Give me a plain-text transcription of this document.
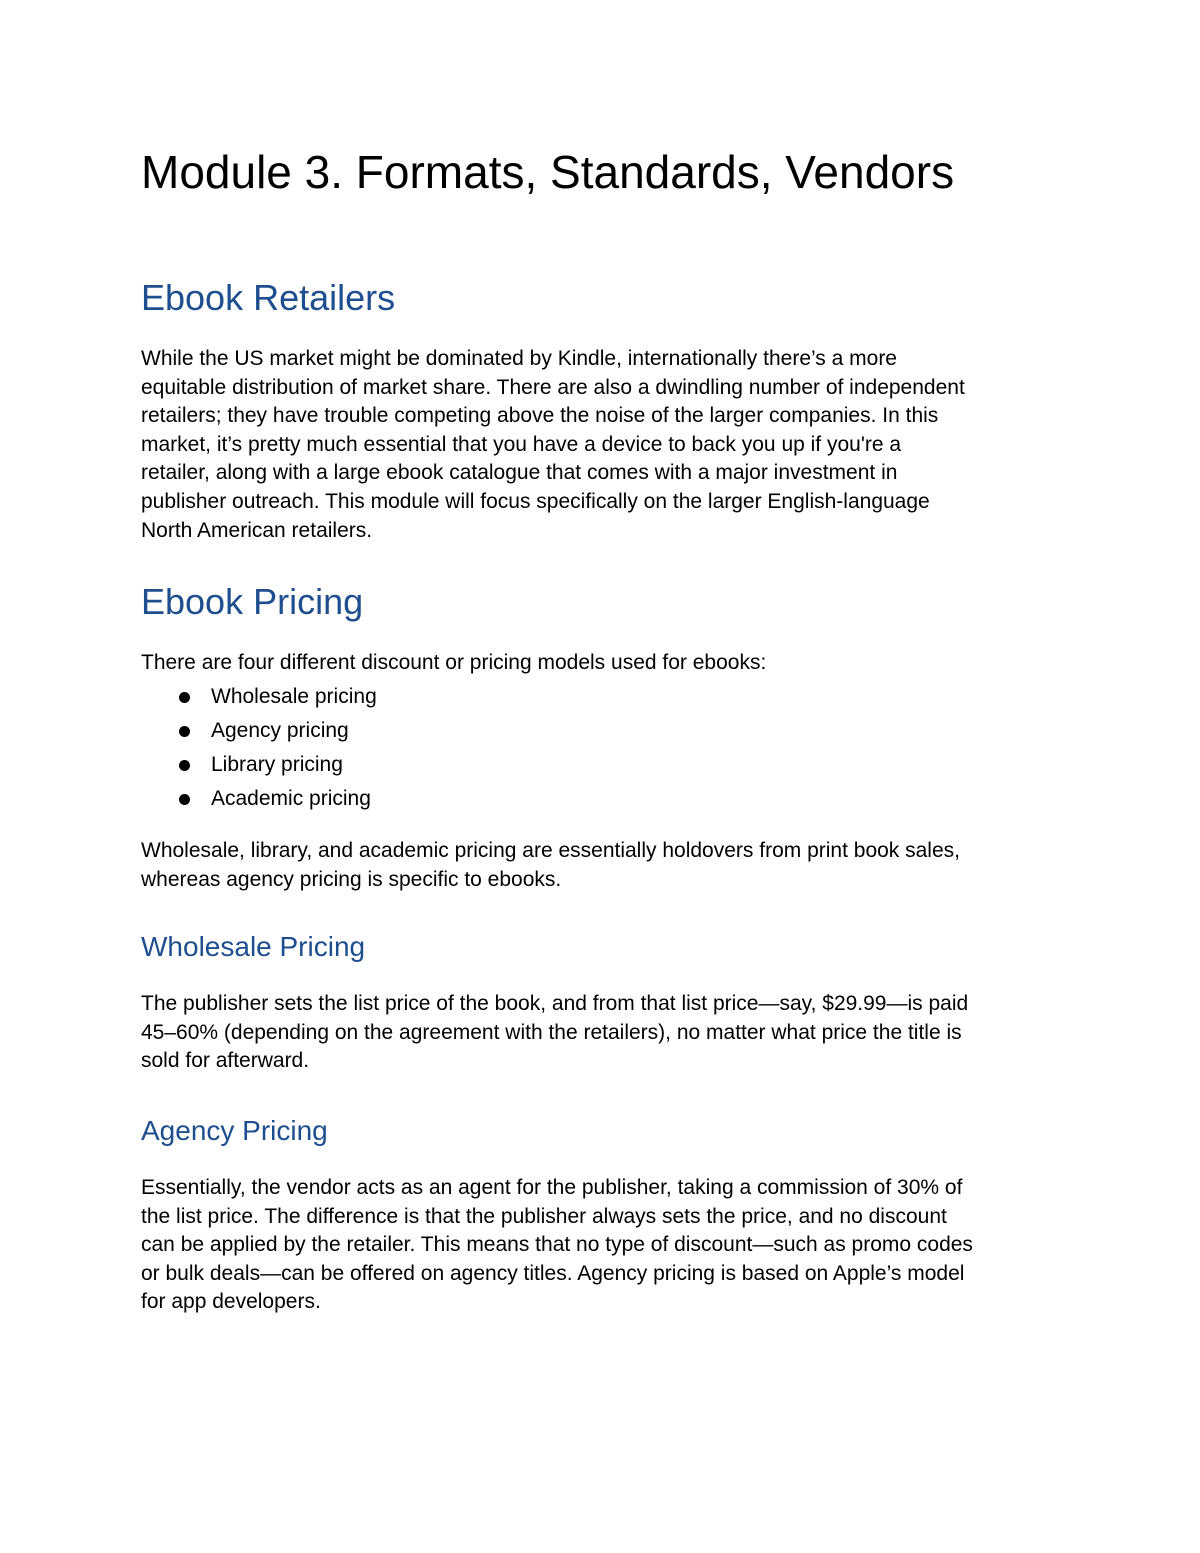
Module 3. Formats, Standards, Vendors
Ebook Retailers

While the US market might be dominated by Kindle, internationally there’s a more
equitable distribution of market share. There are also a dwindling number of independent
retailers; they have trouble competing above the noise of the larger companies. In this
market, it’s pretty much essential that you have a device to back you up if you're a
retailer, along with a large ebook catalogue that comes with a major investment in
publisher outreach. This module will focus specifically on the larger English-language
North American retailers.

Ebook Pricing

There are four different discount or pricing models used for ebooks:

Wholesale pricing
Agency pricing
Library pricing
Academic pricing

Wholesale, library, and academic pricing are essentially holdovers from print book sales,
whereas agency pricing is specific to ebooks.

Wholesale Pricing

The publisher sets the list price of the book, and from that list price—say, $29.99—is paid
45–60% (depending on the agreement with the retailers), no matter what price the title is
sold for afterward.

Agency Pricing

Essentially, the vendor acts as an agent for the publisher, taking a commission of 30% of
the list price. The difference is that the publisher always sets the price, and no discount
can be applied by the retailer. This means that no type of discount—such as promo codes
or bulk deals—can be offered on agency titles. Agency pricing is based on Apple’s model
for app developers.
